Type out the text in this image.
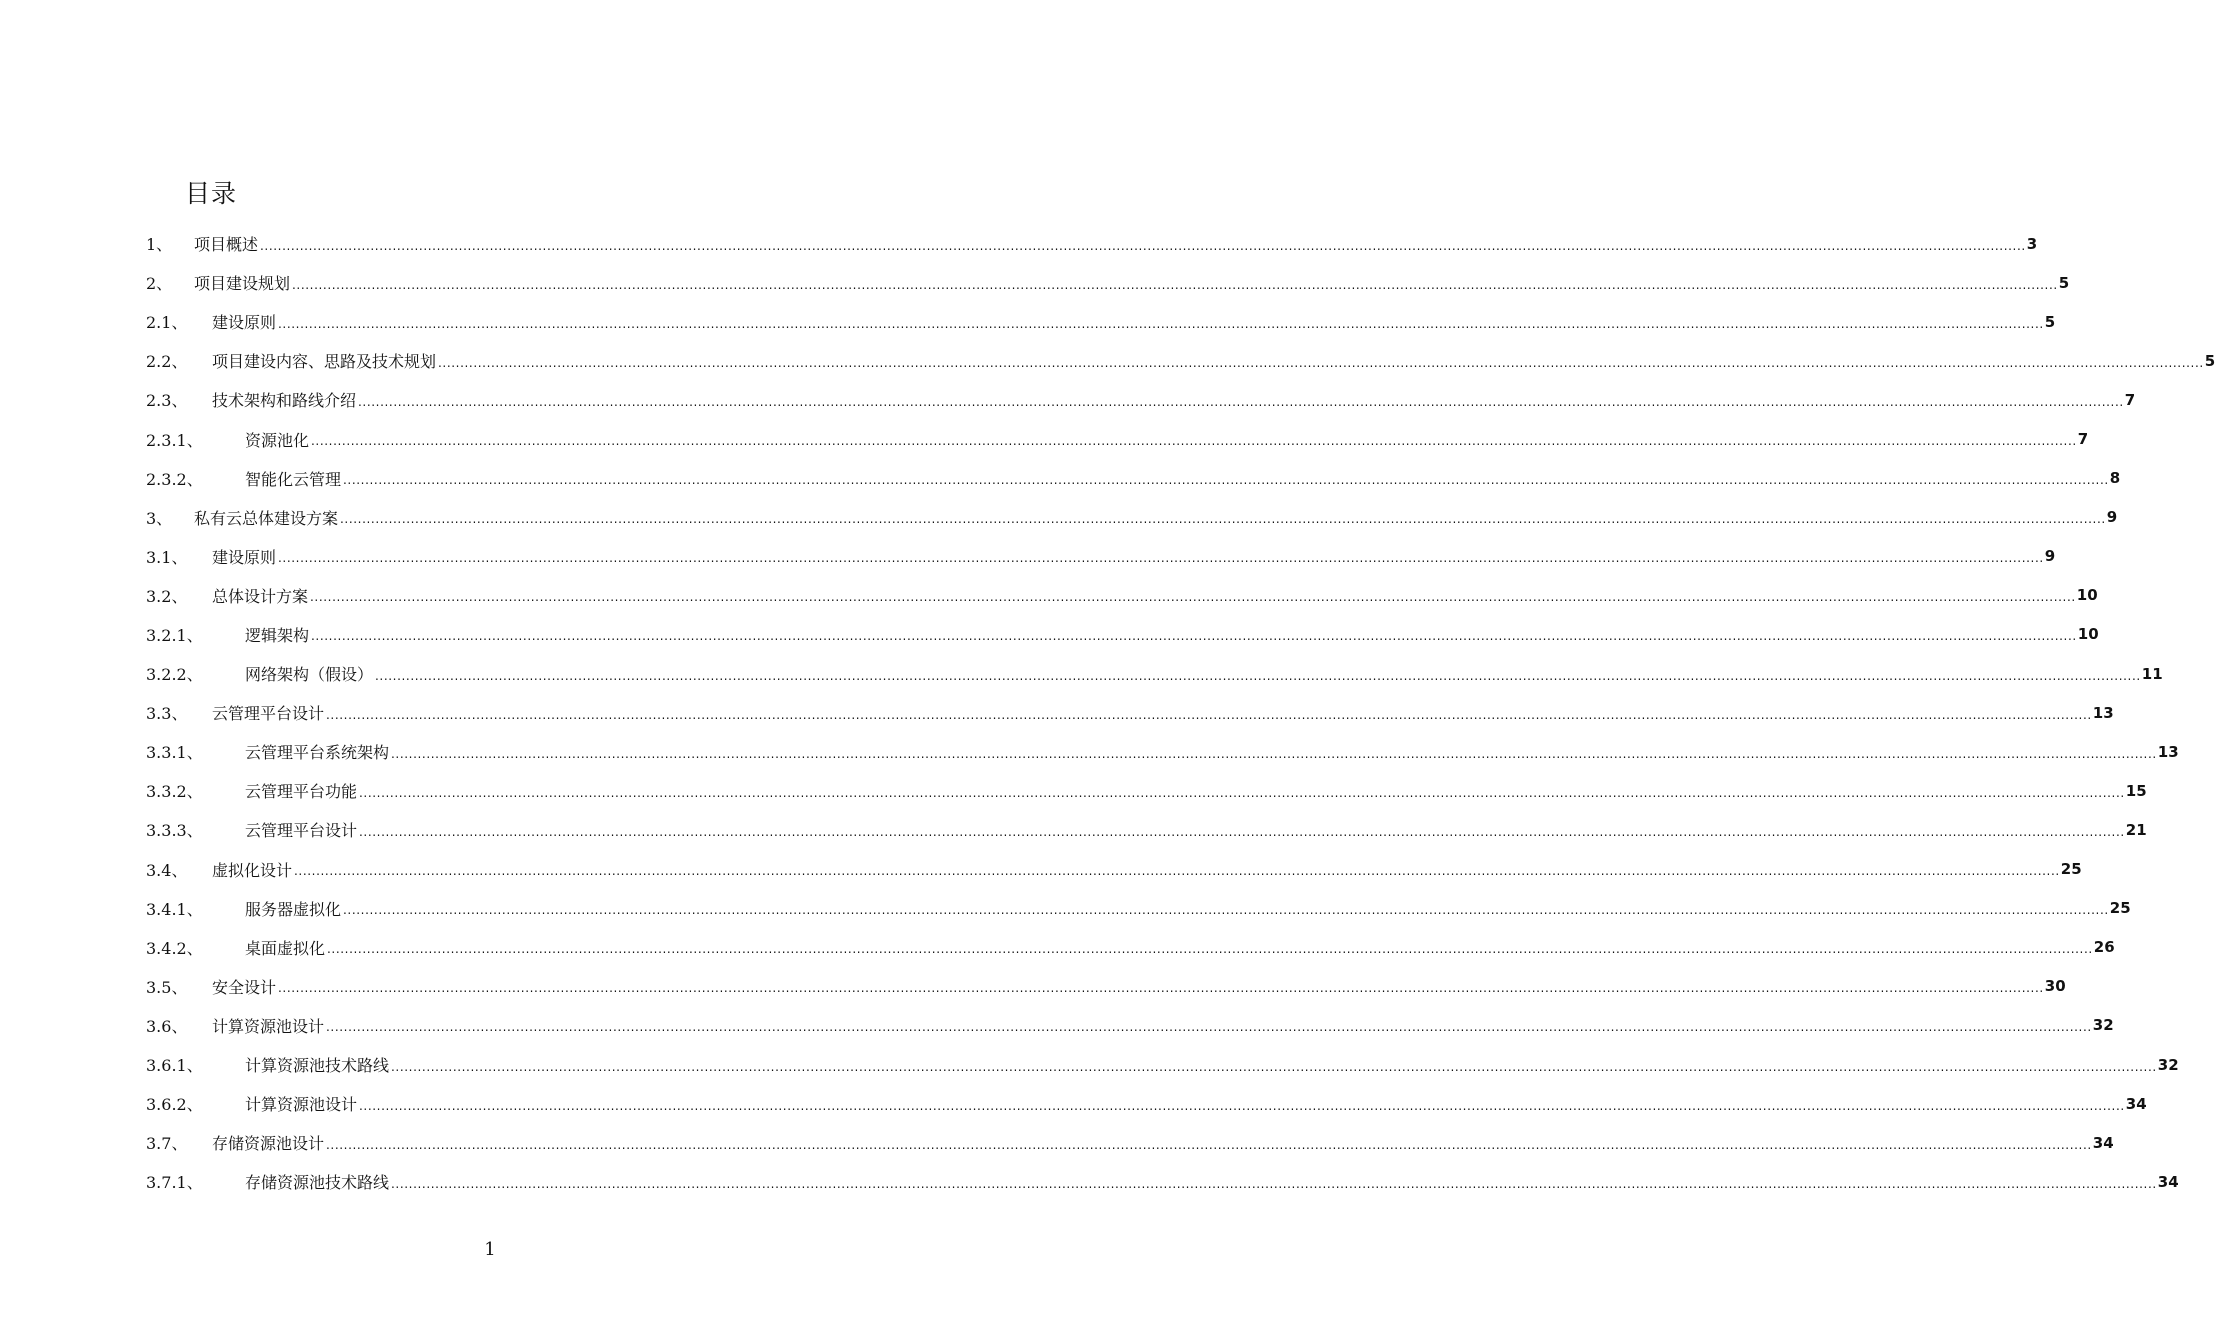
目录
1、	项目概述 ................................................................................................................................................................................................................................................................................................................................................................................................................ 3
2、	项目建设规划 ................................................................................................................................................................................................................................................................................................................................................................................................................ 5
2.1、	建设原则 ................................................................................................................................................................................................................................................................................................................................................................................................................ 5
2.2、	项目建设内容、思路及技术规划 ................................................................................................................................................................................................................................................................................................................................................................................................................ 5
2.3、	技术架构和路线介绍 ................................................................................................................................................................................................................................................................................................................................................................................................................ 7
2.3.1、	资源池化 ................................................................................................................................................................................................................................................................................................................................................................................................................ 7
2.3.2、	智能化云管理 ................................................................................................................................................................................................................................................................................................................................................................................................................ 8
3、	私有云总体建设方案 ................................................................................................................................................................................................................................................................................................................................................................................................................ 9
3.1、	建设原则 ................................................................................................................................................................................................................................................................................................................................................................................................................ 9
3.2、	总体设计方案 ................................................................................................................................................................................................................................................................................................................................................................................................................ 10
3.2.1、	逻辑架构 ................................................................................................................................................................................................................................................................................................................................................................................................................ 10
3.2.2、	网络架构（假设） ................................................................................................................................................................................................................................................................................................................................................................................................................ 11
3.3、	云管理平台设计 ................................................................................................................................................................................................................................................................................................................................................................................................................ 13
3.3.1、	云管理平台系统架构 ................................................................................................................................................................................................................................................................................................................................................................................................................ 13
3.3.2、	云管理平台功能 ................................................................................................................................................................................................................................................................................................................................................................................................................ 15
3.3.3、	云管理平台设计 ................................................................................................................................................................................................................................................................................................................................................................................................................ 21
3.4、	虚拟化设计 ................................................................................................................................................................................................................................................................................................................................................................................................................ 25
3.4.1、	服务器虚拟化 ................................................................................................................................................................................................................................................................................................................................................................................................................ 25
3.4.2、	桌面虚拟化 ................................................................................................................................................................................................................................................................................................................................................................................................................ 26
3.5、	安全设计 ................................................................................................................................................................................................................................................................................................................................................................................................................ 30
3.6、	计算资源池设计 ................................................................................................................................................................................................................................................................................................................................................................................................................ 32
3.6.1、	计算资源池技术路线 ................................................................................................................................................................................................................................................................................................................................................................................................................ 32
3.6.2、	计算资源池设计 ................................................................................................................................................................................................................................................................................................................................................................................................................ 34
3.7、	存储资源池设计 ................................................................................................................................................................................................................................................................................................................................................................................................................ 34
3.7.1、	存储资源池技术路线 ................................................................................................................................................................................................................................................................................................................................................................................................................ 34
1
